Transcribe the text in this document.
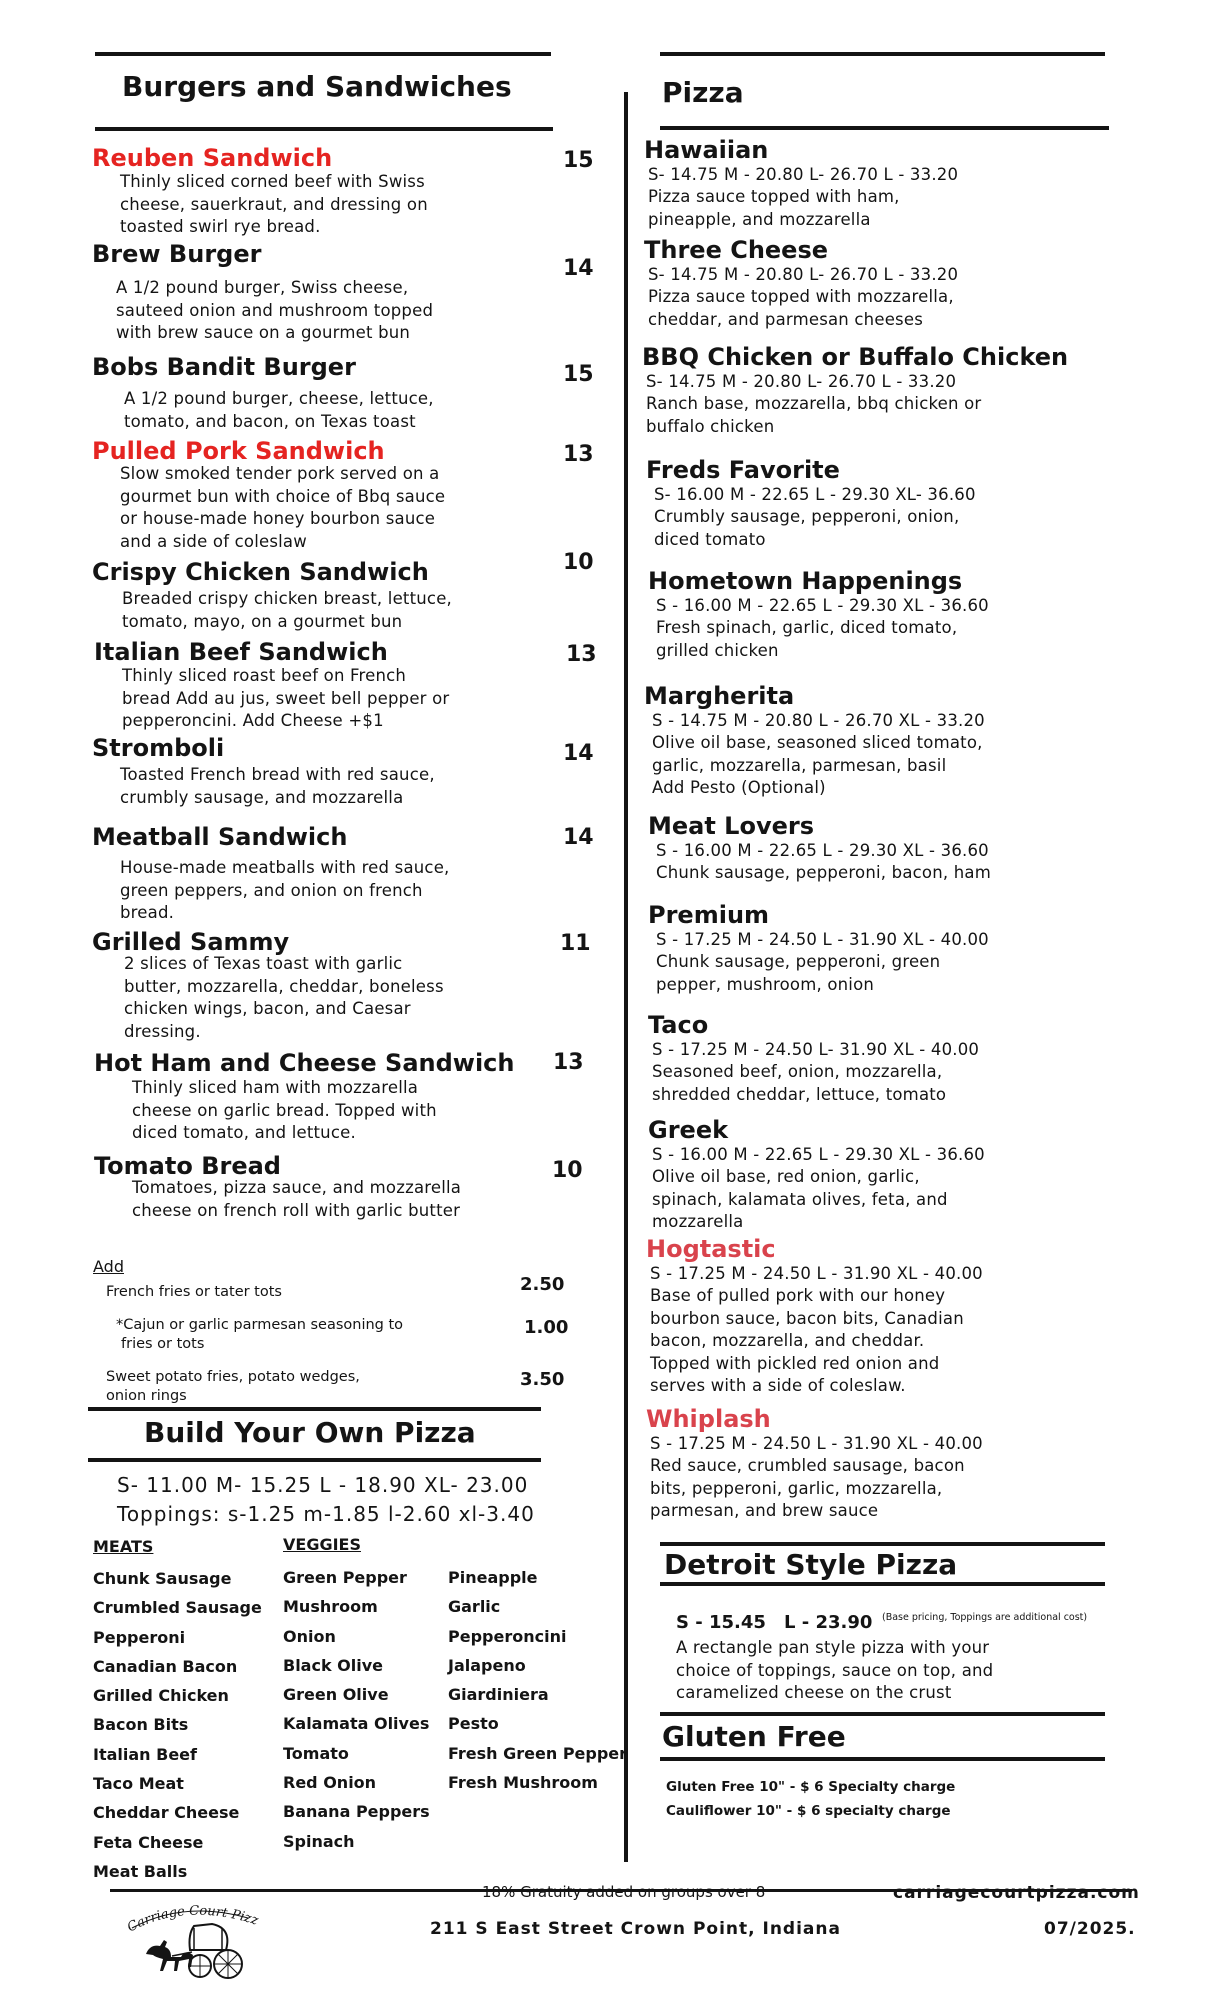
Burgers and Sandwiches
Reuben Sandwich
Thinly sliced corned beef with Swiss
cheese, sauerkraut, and dressing on
toasted swirl rye bread.
15
Brew Burger
A 1/2 pound burger, Swiss cheese,
sauteed onion and mushroom topped
with brew sauce on a gourmet bun
14
Bobs Bandit Burger
A 1/2 pound burger, cheese, lettuce,
tomato, and bacon, on Texas toast
15
Pulled Pork Sandwich
Slow smoked tender pork served on a
gourmet bun with choice of Bbq sauce
or house-made honey bourbon sauce
and a side of coleslaw
13
Crispy Chicken Sandwich
Breaded crispy chicken breast, lettuce,
tomato, mayo, on a gourmet bun
10
Italian Beef Sandwich
Thinly sliced roast beef on French
bread Add au jus, sweet bell pepper or
pepperoncini. Add Cheese +$1
13
Stromboli
Toasted French bread with red sauce,
crumbly sausage, and mozzarella
14
Meatball Sandwich
House-made meatballs with red sauce,
green peppers, and onion on french
bread.
14
Grilled Sammy
2 slices of Texas toast with garlic
butter, mozzarella, cheddar, boneless
chicken wings, bacon, and Caesar
dressing.
11
Hot Ham and Cheese Sandwich
Thinly sliced ham with mozzarella
cheese on garlic bread. Topped with
diced tomato, and lettuce.
13
Tomato Bread
Tomatoes, pizza sauce, and mozzarella
cheese on french roll with garlic butter
10
Add
French fries or tater tots	2.50
*Cajun or garlic parmesan seasoning to
fries or tots
1.00
Sweet potato fries, potato wedges,
onion rings
3.50
Build Your Own Pizza
S- 11.00 M- 15.25 L - 18.90 XL- 23.00
Toppings: s-1.25 m-1.85 l-2.60 xl-3.40
MEATS	VEGGIES
Chunk Sausage
Crumbled Sausage
Pepperoni
Canadian Bacon
Grilled Chicken
Bacon Bits
Italian Beef
Taco Meat
Cheddar Cheese
Feta Cheese
Meat Balls
Green Pepper
Mushroom
Onion
Black Olive
Green Olive
Kalamata Olives
Tomato
Red Onion
Banana Peppers
Spinach
Pineapple
Garlic
Pepperoncini
Jalapeno
Giardiniera
Pesto
Fresh Green Pepper
Fresh Mushroom
Pizza
Hawaiian
S- 14.75 M - 20.80 L- 26.70 L - 33.20
Pizza sauce topped with ham,
pineapple, and mozzarella
Three Cheese
S- 14.75 M - 20.80 L- 26.70 L - 33.20
Pizza sauce topped with mozzarella,
cheddar, and parmesan cheeses
BBQ Chicken or Buffalo Chicken
S- 14.75 M - 20.80 L- 26.70 L - 33.20
Ranch base, mozzarella, bbq chicken or
buffalo chicken
Freds Favorite
S- 16.00 M - 22.65 L - 29.30 XL- 36.60
Crumbly sausage, pepperoni, onion,
diced tomato
Hometown Happenings
S - 16.00 M - 22.65 L - 29.30 XL - 36.60
Fresh spinach, garlic, diced tomato,
grilled chicken
Margherita
S - 14.75 M - 20.80 L - 26.70 XL - 33.20
Olive oil base, seasoned sliced tomato,
garlic, mozzarella, parmesan, basil
Add Pesto (Optional)
Meat Lovers
S - 16.00 M - 22.65 L - 29.30 XL - 36.60
Chunk sausage, pepperoni, bacon, ham
Premium
S - 17.25 M - 24.50 L - 31.90 XL - 40.00
Chunk sausage, pepperoni, green
pepper, mushroom, onion
Taco
S - 17.25 M - 24.50 L- 31.90 XL - 40.00
Seasoned beef, onion, mozzarella,
shredded cheddar, lettuce, tomato
Greek
S - 16.00 M - 22.65 L - 29.30 XL - 36.60
Olive oil base, red onion, garlic,
spinach, kalamata olives, feta, and
mozzarella
Hogtastic
S - 17.25 M - 24.50 L - 31.90 XL - 40.00
Base of pulled pork with our honey
bourbon sauce, bacon bits, Canadian
bacon, mozzarella, and cheddar.
Topped with pickled red onion and
serves with a side of coleslaw.
Whiplash
S - 17.25 M - 24.50 L - 31.90 XL - 40.00
Red sauce, crumbled sausage, bacon
bits, pepperoni, garlic, mozzarella,
parmesan, and brew sauce
Detroit Style Pizza
S - 15.45 L - 23.90 (Base pricing, Toppings are additional cost)
A rectangle pan style pizza with your
choice of toppings, sauce on top, and
caramelized cheese on the crust
Gluten Free
Gluten Free 10" - $ 6 Specialty charge
Cauliflower 10" - $ 6 specialty charge
Carriage Court Pizz
18% Gratuity added on groups over 8
211 S East Street Crown Point, Indiana
carriagecourtpizza.com
07/2025.
